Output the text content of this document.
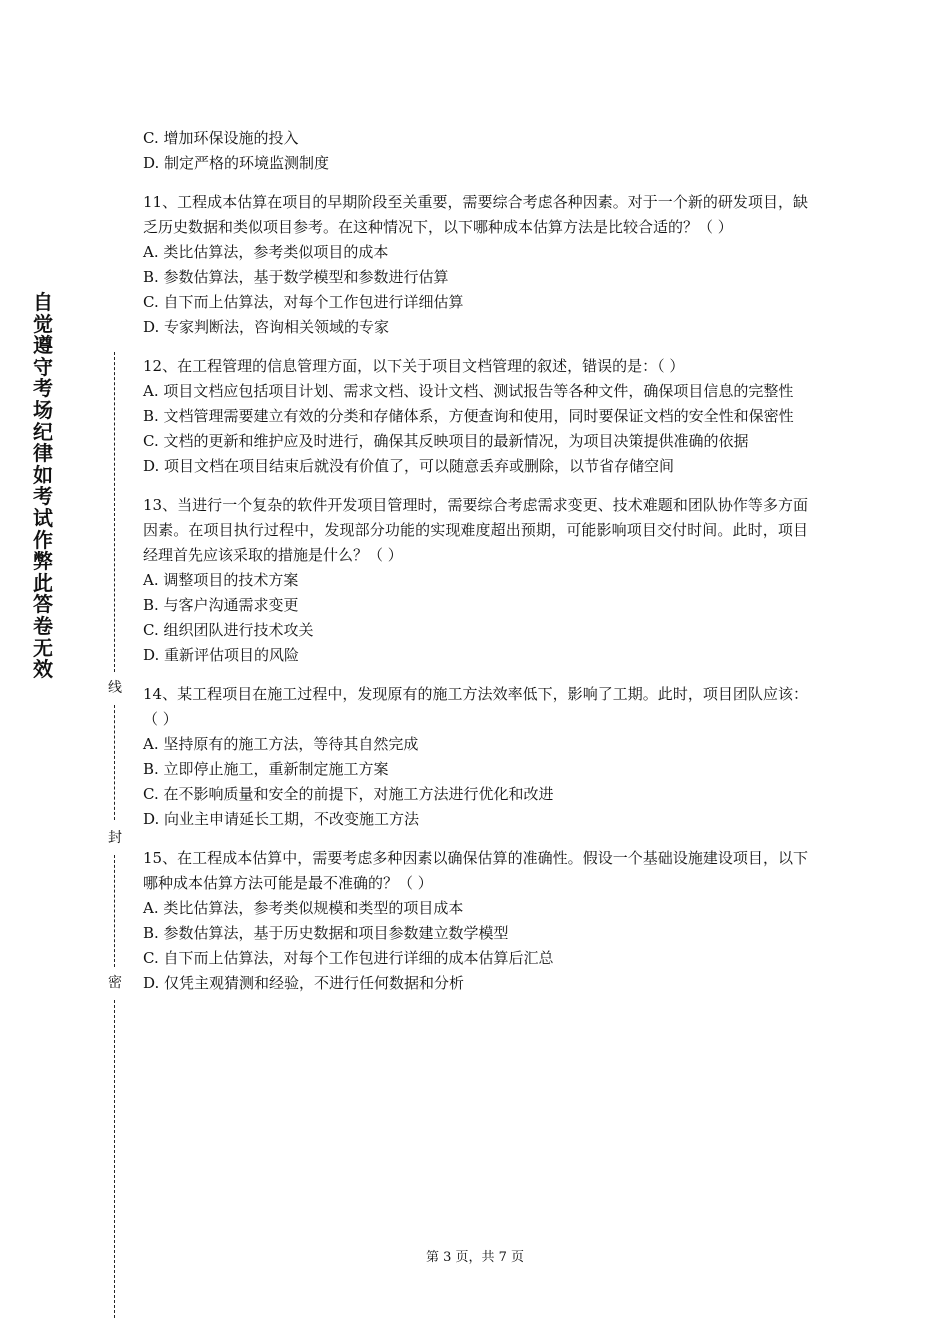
自觉遵守考场纪律如考试作弊此答卷无效
线
封
密
C. 增加环保设施的投入
D. 制定严格的环境监测制度
11、工程成本估算在项目的早期阶段至关重要，需要综合考虑各种因素。对于一个新的研发项目，缺乏历史数据和类似项目参考。在这种情况下，以下哪种成本估算方法是比较合适的？（ ）
A. 类比估算法，参考类似项目的成本
B. 参数估算法，基于数学模型和参数进行估算
C. 自下而上估算法，对每个工作包进行详细估算
D. 专家判断法，咨询相关领域的专家
12、在工程管理的信息管理方面，以下关于项目文档管理的叙述，错误的是：（ ）
A. 项目文档应包括项目计划、需求文档、设计文档、测试报告等各种文件，确保项目信息的完整性
B. 文档管理需要建立有效的分类和存储体系，方便查询和使用，同时要保证文档的安全性和保密性
C. 文档的更新和维护应及时进行，确保其反映项目的最新情况，为项目决策提供准确的依据
D. 项目文档在项目结束后就没有价值了，可以随意丢弃或删除，以节省存储空间
13、当进行一个复杂的软件开发项目管理时，需要综合考虑需求变更、技术难题和团队协作等多方面因素。在项目执行过程中，发现部分功能的实现难度超出预期，可能影响项目交付时间。此时，项目经理首先应该采取的措施是什么？（ ）
A. 调整项目的技术方案
B. 与客户沟通需求变更
C. 组织团队进行技术攻关
D. 重新评估项目的风险
14、某工程项目在施工过程中，发现原有的施工方法效率低下，影响了工期。此时，项目团队应该：（ ）
A. 坚持原有的施工方法，等待其自然完成
B. 立即停止施工，重新制定施工方案
C. 在不影响质量和安全的前提下，对施工方法进行优化和改进
D. 向业主申请延长工期，不改变施工方法
15、在工程成本估算中，需要考虑多种因素以确保估算的准确性。假设一个基础设施建设项目，以下哪种成本估算方法可能是最不准确的？（ ）
A. 类比估算法，参考类似规模和类型的项目成本
B. 参数估算法，基于历史数据和项目参数建立数学模型
C. 自下而上估算法，对每个工作包进行详细的成本估算后汇总
D. 仅凭主观猜测和经验，不进行任何数据和分析
第 3 页，共 7 页
